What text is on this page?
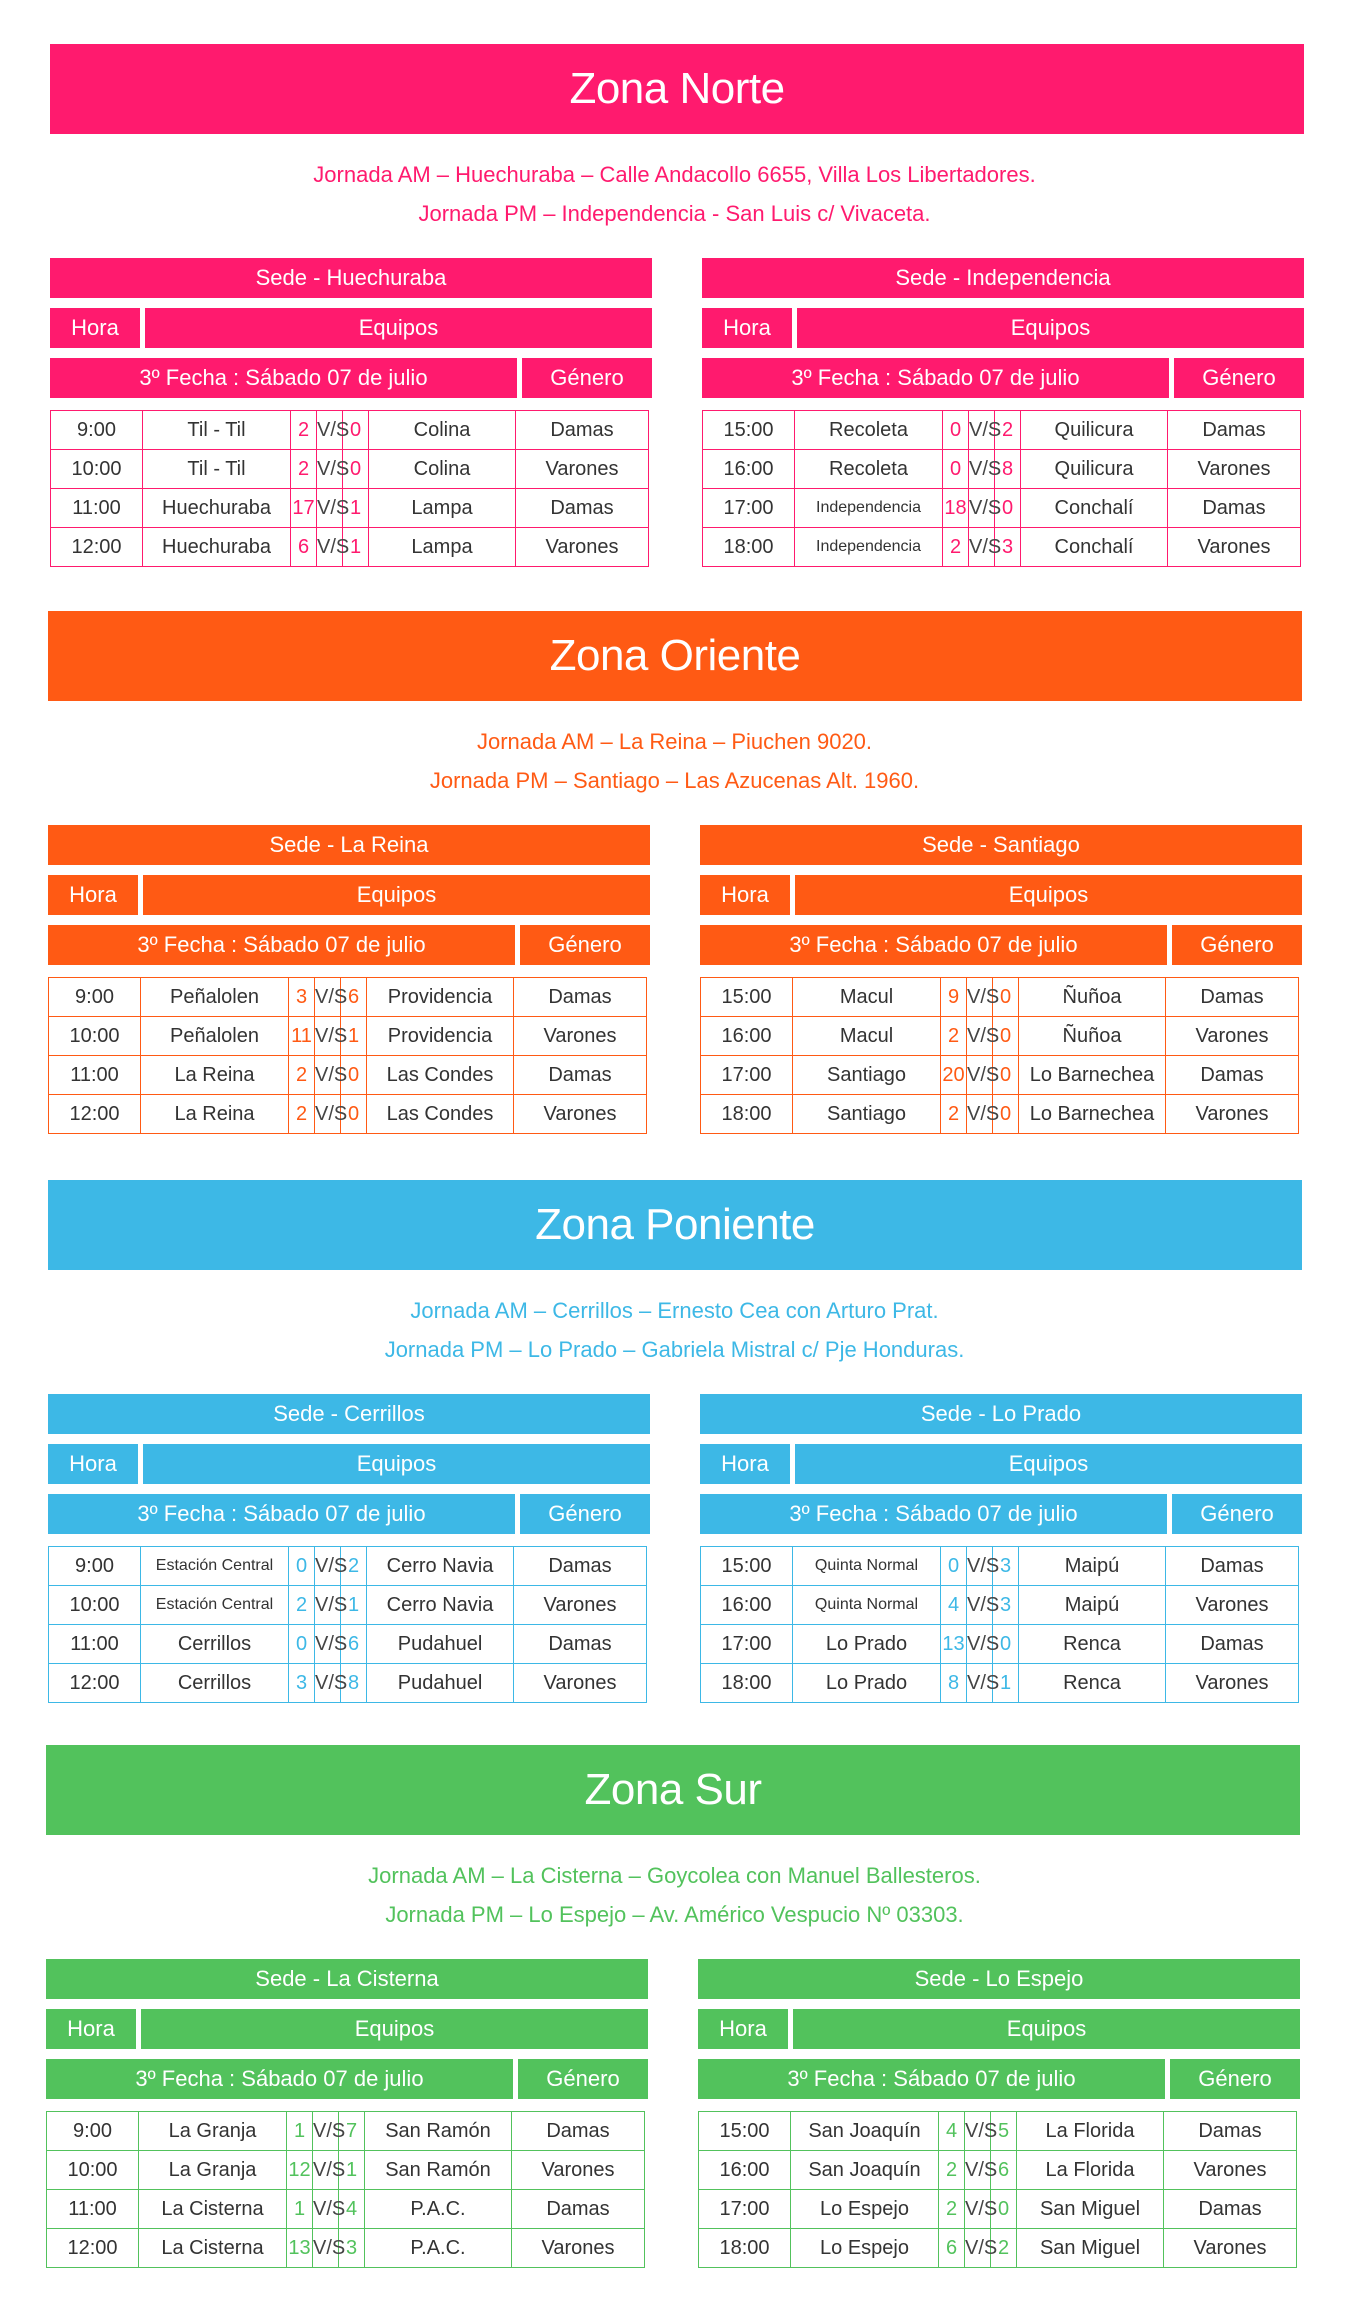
Zona Norte
Jornada AM – Huechuraba – Calle Andacollo 6655, Villa Los Libertadores.
Jornada PM – Independencia - San Luis c/ Vivaceta.
Sede - Huechuraba
Hora	Equipos
3º Fecha : Sábado 07 de julio	Género
9:00	Til - Til	2	V/S	0	Colina	Damas
10:00	Til - Til	2	V/S	0	Colina	Varones
11:00	Huechuraba	17	V/S	1	Lampa	Damas
12:00	Huechuraba	6	V/S	1	Lampa	Varones
Sede - Independencia
Hora	Equipos
3º Fecha : Sábado 07 de julio	Género
15:00	Recoleta	0	V/S	2	Quilicura	Damas
16:00	Recoleta	0	V/S	8	Quilicura	Varones
17:00	Independencia	18	V/S	0	Conchalí	Damas
18:00	Independencia	2	V/S	3	Conchalí	Varones
Zona Oriente
Jornada AM – La Reina – Piuchen 9020.
Jornada PM – Santiago – Las Azucenas Alt. 1960.
Sede - La Reina
Hora	Equipos
3º Fecha : Sábado 07 de julio	Género
9:00	Peñalolen	3	V/S	6	Providencia	Damas
10:00	Peñalolen	11	V/S	1	Providencia	Varones
11:00	La Reina	2	V/S	0	Las Condes	Damas
12:00	La Reina	2	V/S	0	Las Condes	Varones
Sede - Santiago
Hora	Equipos
3º Fecha : Sábado 07 de julio	Género
15:00	Macul	9	V/S	0	Ñuñoa	Damas
16:00	Macul	2	V/S	0	Ñuñoa	Varones
17:00	Santiago	20	V/S	0	Lo Barnechea	Damas
18:00	Santiago	2	V/S	0	Lo Barnechea	Varones
Zona Poniente
Jornada AM – Cerrillos – Ernesto Cea con Arturo Prat.
Jornada PM – Lo Prado – Gabriela Mistral c/ Pje Honduras.
Sede - Cerrillos
Hora	Equipos
3º Fecha : Sábado 07 de julio	Género
9:00	Estación Central	0	V/S	2	Cerro Navia	Damas
10:00	Estación Central	2	V/S	1	Cerro Navia	Varones
11:00	Cerrillos	0	V/S	6	Pudahuel	Damas
12:00	Cerrillos	3	V/S	8	Pudahuel	Varones
Sede - Lo Prado
Hora	Equipos
3º Fecha : Sábado 07 de julio	Género
15:00	Quinta Normal	0	V/S	3	Maipú	Damas
16:00	Quinta Normal	4	V/S	3	Maipú	Varones
17:00	Lo Prado	13	V/S	0	Renca	Damas
18:00	Lo Prado	8	V/S	1	Renca	Varones
Zona Sur
Jornada AM – La Cisterna – Goycolea con Manuel Ballesteros.
Jornada PM – Lo Espejo – Av. Américo Vespucio Nº 03303.
Sede - La Cisterna
Hora	Equipos
3º Fecha : Sábado 07 de julio	Género
9:00	La Granja	1	V/S	7	San Ramón	Damas
10:00	La Granja	12	V/S	1	San Ramón	Varones
11:00	La Cisterna	1	V/S	4	P.A.C.	Damas
12:00	La Cisterna	13	V/S	3	P.A.C.	Varones
Sede - Lo Espejo
Hora	Equipos
3º Fecha : Sábado 07 de julio	Género
15:00	San Joaquín	4	V/S	5	La Florida	Damas
16:00	San Joaquín	2	V/S	6	La Florida	Varones
17:00	Lo Espejo	2	V/S	0	San Miguel	Damas
18:00	Lo Espejo	6	V/S	2	San Miguel	Varones
